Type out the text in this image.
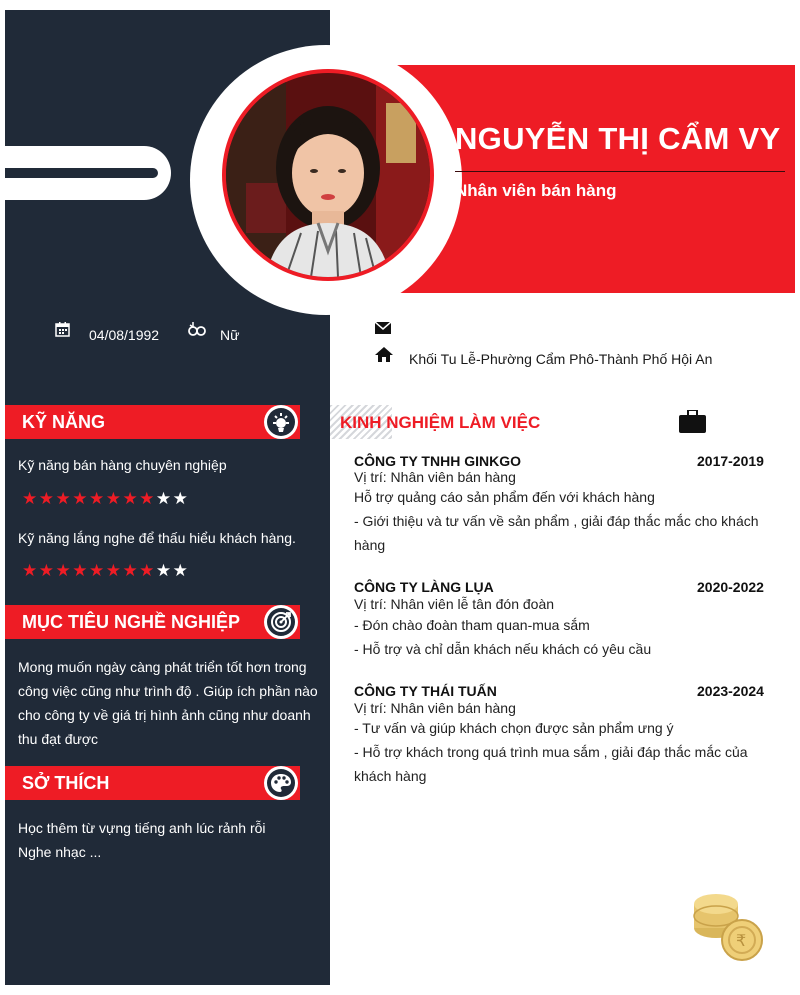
NGUYỄN THỊ CẨM VY
Nhân viên bán hàng
04/08/1992	Nữ
Khối Tu Lễ-Phường Cẩm Phô-Thành Phố Hội An
KỸ NĂNG
Kỹ năng bán hàng chuyên nghiệp
★★★★★★★★★★
Kỹ năng lắng nghe để thấu hiểu khách hàng.
★★★★★★★★★★
MỤC TIÊU NGHỀ NGHIỆP
Mong muốn ngày càng phát triển tốt hơn trong
công việc cũng như trình độ . Giúp ích phần nào
cho công ty về giá trị hình ảnh cũng như doanh
thu đạt được
SỞ THÍCH
Học thêm từ vựng tiếng anh lúc rảnh rỗi
Nghe nhạc ...
KINH NGHIỆM LÀM VIỆC
CÔNG TY TNHH GINKGO	2017-2019
Vị trí: Nhân viên bán hàng
Hỗ trợ quảng cáo sản phẩm đến với khách hàng
- Giới thiệu và tư vấn về sản phẩm , giải đáp thắc mắc cho khách
hàng
CÔNG TY LÀNG LỤA	2020-2022
Vị trí: Nhân viên lễ tân đón đoàn
- Đón chào đoàn tham quan-mua sắm
- Hỗ trợ và chỉ dẫn khách nếu khách có yêu cầu
CÔNG TY THÁI TUẤN	2023-2024
Vị trí: Nhân viên bán hàng
- Tư vấn và giúp khách chọn được sản phẩm ưng ý
- Hỗ trợ khách trong quá trình mua sắm , giải đáp thắc mắc của
khách hàng
₹
